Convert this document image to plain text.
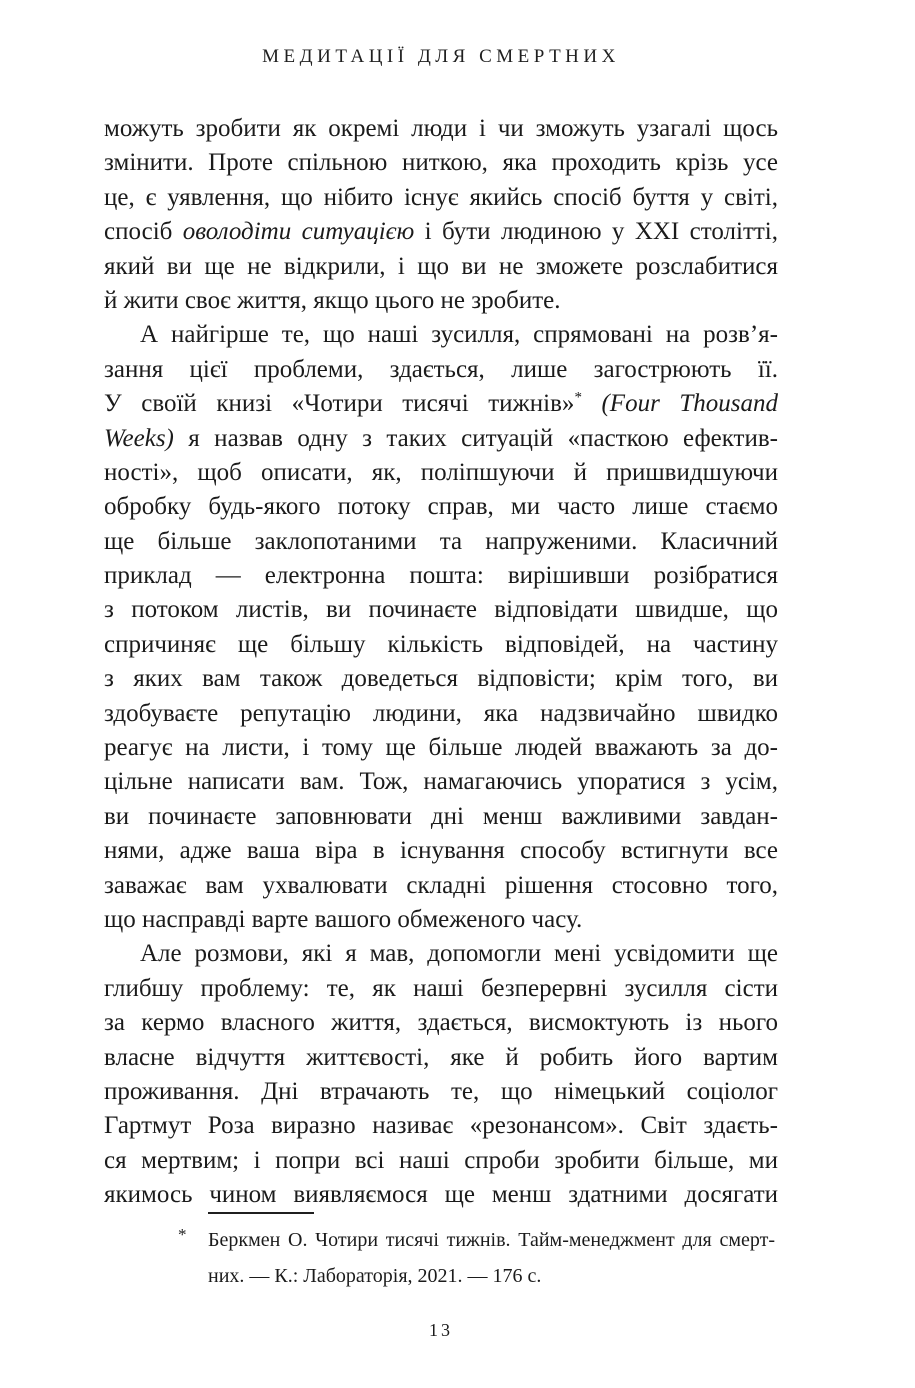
МЕДИТАЦІЇ ДЛЯ СМЕРТНИХ
можуть зробити як окремі люди і чи зможуть узагалі щось
змінити. Проте спільною ниткою, яка проходить крізь усе
це, є уявлення, що нібито існує якийсь спосіб буття у світі,
спосіб оволодіти ситуацією і бути людиною у XXI столітті,
який ви ще не відкрили, і що ви не зможете розслабитися
й жити своє життя, якщо цього не зробите.
А найгірше те, що наші зусилля, спрямовані на розв’я-
зання цієї проблеми, здається, лише загострюють її.
У своїй книзі «Чотири тисячі тижнів»* (Four Thousand
Weeks) я назвав одну з таких ситуацій «пасткою ефектив-
ності», щоб описати, як, поліпшуючи й пришвидшуючи
обробку будь-якого потоку справ, ми часто лише стаємо
ще більше заклопотаними та напруженими. Класичний
приклад — електронна пошта: вирішивши розібратися
з потоком листів, ви починаєте відповідати швидше, що
спричиняє ще більшу кількість відповідей, на частину
з яких вам також доведеться відповісти; крім того, ви
здобуваєте репутацію людини, яка надзвичайно швидко
реагує на листи, і тому ще більше людей вважають за до-
цільне написати вам. Тож, намагаючись упоратися з усім,
ви починаєте заповнювати дні менш важливими завдан-
нями, адже ваша віра в існування способу встигнути все
заважає вам ухвалювати складні рішення стосовно того,
що насправді варте вашого обмеженого часу.
Але розмови, які я мав, допомогли мені усвідомити ще
глибшу проблему: те, як наші безперервні зусилля сісти
за кермо власного життя, здається, висмоктують із нього
власне відчуття життєвості, яке й робить його вартим
проживання. Дні втрачають те, що німецький соціолог
Гартмут Роза виразно називає «резонансом». Світ здаєть-
ся мертвим; і попри всі наші спроби зробити більше, ми
якимось чином виявляємося ще менш здатними досягати
* Беркмен О. Чотири тисячі тижнів. Тайм-менеджмент для смерт-
них. — К.: Лабораторія, 2021. — 176 с.
13
